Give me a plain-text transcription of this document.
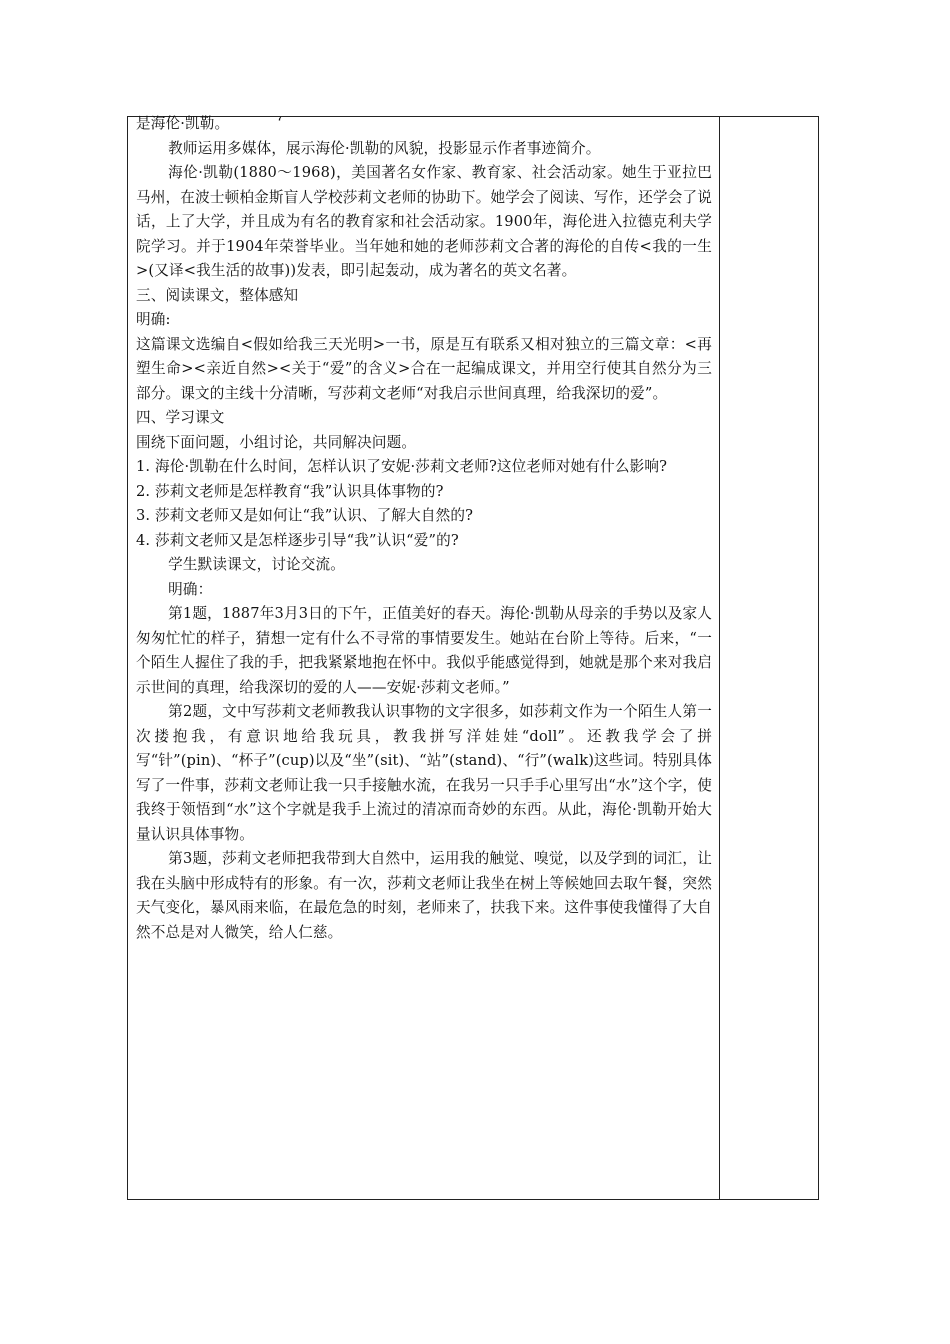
是海伦·凯勒。	‘

教师运用多媒体，展示海伦·凯勒的风貌，投影显示作者事迹简介。

海伦·凯勒(1880～1968)，美国著名女作家、教育家、社会活动家。她生于亚拉巴马州，在波士顿柏金斯盲人学校莎莉文老师的协助下。她学会了阅读、写作，还学会了说话，上了大学，并且成为有名的教育家和社会活动家。1900年，海伦进入拉德克利夫学院学习。并于1904年荣誉毕业。当年她和她的老师莎莉文合著的海伦的自传<我的一生>(又译<我生活的故事))发表，即引起轰动，成为著名的英文名著。

三、阅读课文，整体感知

明确:

这篇课文选编自<假如给我三天光明>一书，原是互有联系又相对独立的三篇文章：<再塑生命><亲近自然><关于“爱”的含义>合在一起编成课文，并用空行使其自然分为三部分。课文的主线十分清晰，写莎莉文老师“对我启示世间真理，给我深切的爱”。

四、学习课文

围绕下面问题，小组讨论，共同解决问题。

1. 海伦·凯勒在什么时间，怎样认识了安妮·莎莉文老师?这位老师对她有什么影响?

2. 莎莉文老师是怎样教育“我”认识具体事物的?

3. 莎莉文老师又是如何让“我”认识、了解大自然的?

4. 莎莉文老师又是怎样逐步引导“我”认识“爱”的?

学生默读课文，讨论交流。

明确：

第1题，1887年3月3日的下午，正值美好的春天。海伦·凯勒从母亲的手势以及家人匆匆忙忙的样子，猜想一定有什么不寻常的事情要发生。她站在台阶上等待。后来，“一个陌生人握住了我的手，把我紧紧地抱在怀中。我似乎能感觉得到，她就是那个来对我启示世间的真理，给我深切的爱的人——安妮·莎莉文老师。”

第2题，文中写莎莉文老师教我认识事物的文字很多，如莎莉文作为一个陌生人第一次搂抱我，有意识地给我玩具，教我拼写洋娃娃“doll”。还教我学会了拼写“针”(pin)、“杯子”(cup)以及“坐”(sit)、“站”(stand)、“行”(walk)这些词。特别具体写了一件事，莎莉文老师让我一只手接触水流，在我另一只手手心里写出“水”这个字，使我终于领悟到“水”这个字就是我手上流过的清凉而奇妙的东西。从此，海伦·凯勒开始大量认识具体事物。

第3题，莎莉文老师把我带到大自然中，运用我的触觉、嗅觉，以及学到的词汇，让我在头脑中形成特有的形象。有一次，莎莉文老师让我坐在树上等候她回去取午餐，突然天气变化，暴风雨来临，在最危急的时刻，老师来了，扶我下来。这件事使我懂得了大自然不总是对人微笑，给人仁慈。
